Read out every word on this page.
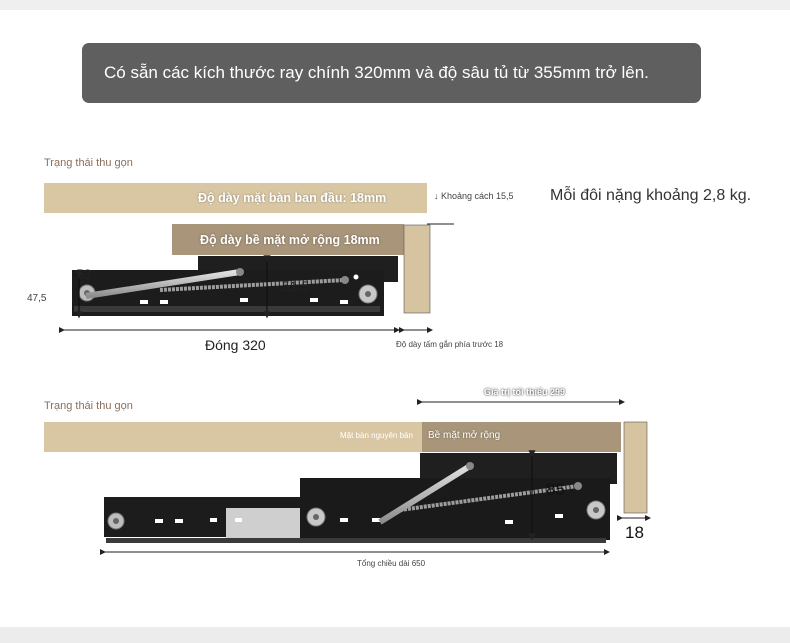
Có sẵn các kích thước ray chính 320mm và độ sâu tủ từ 355mm trở lên.
Trạng thái thu gọn
Độ dày mặt bàn ban đầu: 18mm
Độ dày bề mặt mở rộng 18mm
↓ Khoảng cách 15,5
47,5
53
51,5
Đóng 320	Độ dày tấm gắn phía trước 18
Mỗi đôi nặng khoảng 2,8 kg.
Trạng thái thu gọn
Mặt bàn nguyên bản Bề mặt mở rộng
Giá trị tối thiểu 299
85
18
Tổng chiều dài 650
